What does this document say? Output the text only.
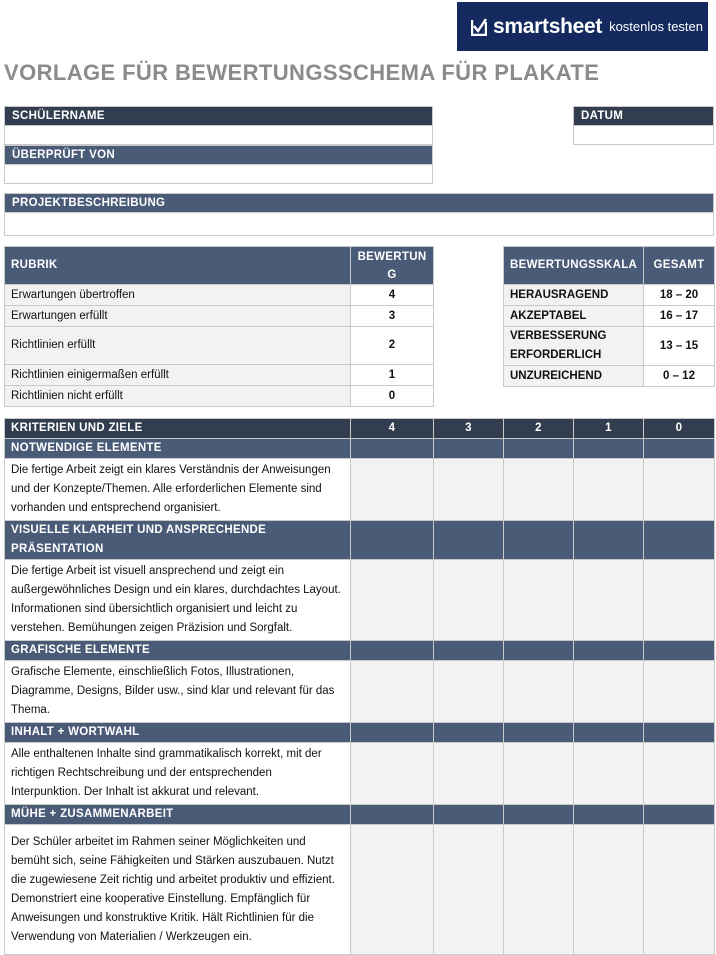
smartsheet kostenlos testen
VORLAGE FÜR BEWERTUNGSSCHEMA FÜR PLAKATE
SCHÜLERNAME	DATUM
ÜBERPRÜFT VON
PROJEKTBESCHREIBUNG
RUBRIK	BEWERTUNG
Erwartungen übertroffen	4
Erwartungen erfüllt	3
Richtlinien erfüllt	2
Richtlinien einigermaßen erfüllt	1
Richtlinien nicht erfüllt	0
BEWERTUNGSSKALA	GESAMT
HERAUSRAGEND	18 – 20
AKZEPTABEL	16 – 17
VERBESSERUNG ERFORDERLICH	13 – 15
UNZUREICHEND	0 – 12
KRITERIEN UND ZIELE	4	3	2	1	0
NOTWENDIGE ELEMENTE					
Die fertige Arbeit zeigt ein klares Verständnis der Anweisungen und der Konzepte/Themen. Alle erforderlichen Elemente sind vorhanden und entsprechend organisiert.					
VISUELLE KLARHEIT UND ANSPRECHENDE PRÄSENTATION					
Die fertige Arbeit ist visuell ansprechend und zeigt ein außergewöhnliches Design und ein klares, durchdachtes Layout. Informationen sind übersichtlich organisiert und leicht zu verstehen. Bemühungen zeigen Präzision und Sorgfalt.					
GRAFISCHE ELEMENTE					
Grafische Elemente, einschließlich Fotos, Illustrationen, Diagramme, Designs, Bilder usw., sind klar und relevant für das Thema.					
INHALT + WORTWAHL					
Alle enthaltenen Inhalte sind grammatikalisch korrekt, mit der richtigen Rechtschreibung und der entsprechenden Interpunktion. Der Inhalt ist akkurat und relevant.					
MÜHE + ZUSAMMENARBEIT					
Der Schüler arbeitet im Rahmen seiner Möglichkeiten und bemüht sich, seine Fähigkeiten und Stärken auszubauen. Nutzt die zugewiesene Zeit richtig und arbeitet produktiv und effizient. Demonstriert eine kooperative Einstellung. Empfänglich für Anweisungen und konstruktive Kritik. Hält Richtlinien für die Verwendung von Materialien / Werkzeugen ein.					
